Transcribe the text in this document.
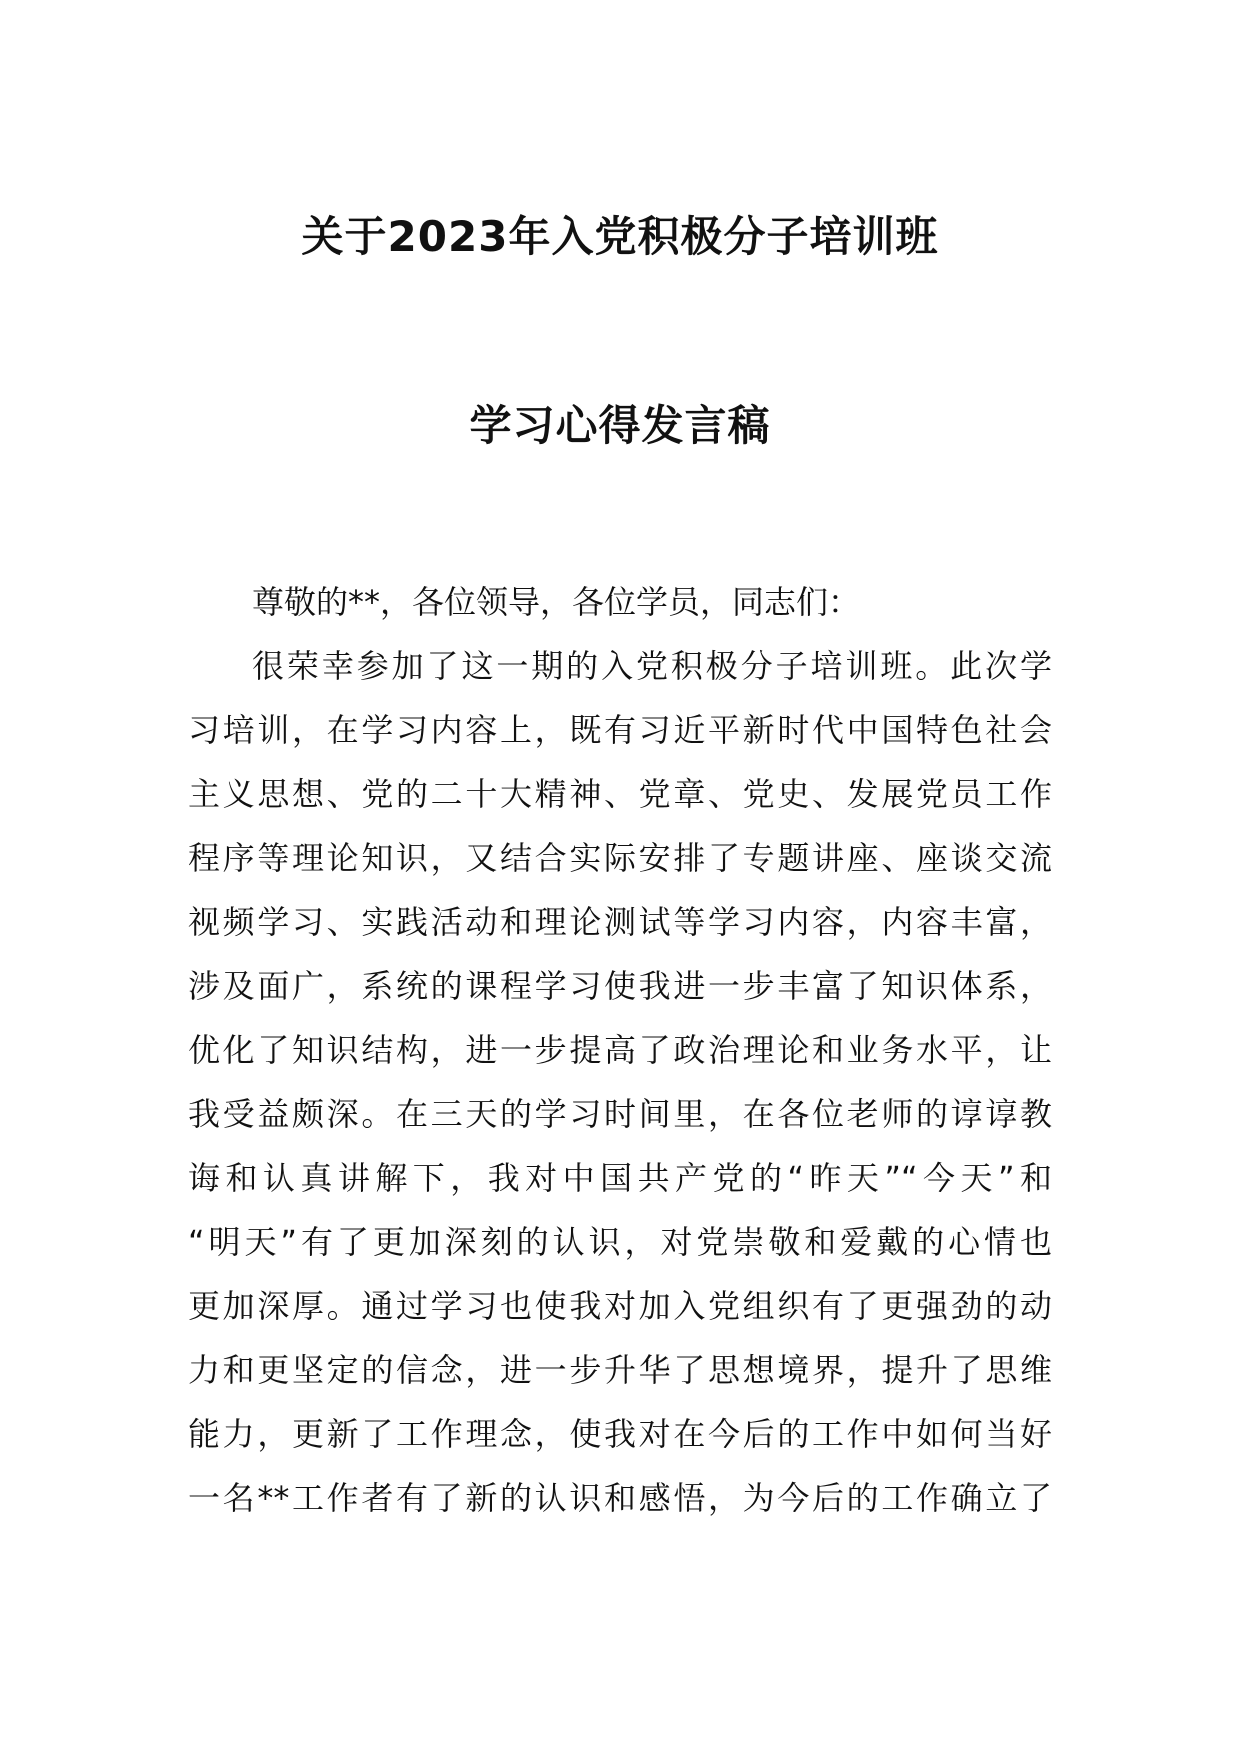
关于2023年入党积极分子培训班
学习心得发言稿
尊敬的**，各位领导，各位学员，同志们：
很荣幸参加了这一期的入党积极分子培训班。此次学
习培训，在学习内容上，既有习近平新时代中国特色社会
主义思想、党的二十大精神、党章、党史、发展党员工作
程序等理论知识，又结合实际安排了专题讲座、座谈交流
视频学习、实践活动和理论测试等学习内容，内容丰富，
涉及面广，系统的课程学习使我进一步丰富了知识体系，
优化了知识结构，进一步提高了政治理论和业务水平，让
我受益颇深。在三天的学习时间里，在各位老师的谆谆教
诲和认真讲解下，我对中国共产党的“昨天”“今天”和
“明天”有了更加深刻的认识，对党崇敬和爱戴的心情也
更加深厚。通过学习也使我对加入党组织有了更强劲的动
力和更坚定的信念，进一步升华了思想境界，提升了思维
能力，更新了工作理念，使我对在今后的工作中如何当好
一名**工作者有了新的认识和感悟，为今后的工作确立了
